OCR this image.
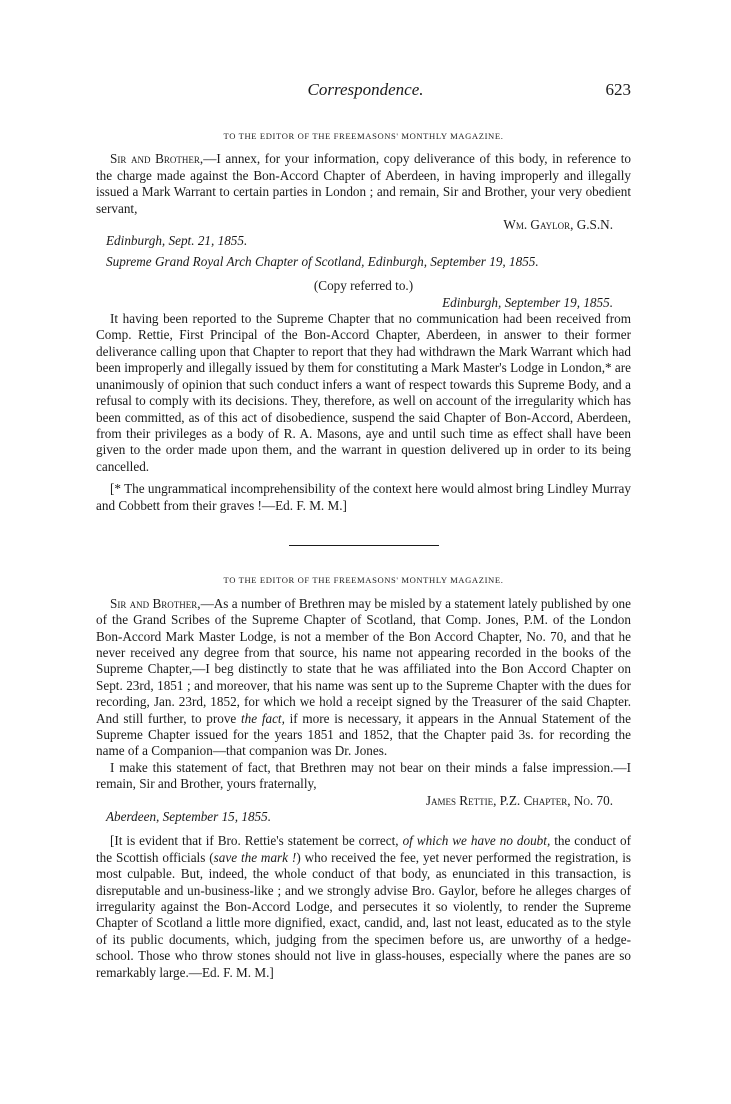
Correspondence.	623
TO THE EDITOR OF THE FREEMASONS' MONTHLY MAGAZINE.

Sir and Brother,—I annex, for your information, copy deliverance of this body, in reference to the charge made against the Bon-Accord Chapter of Aberdeen, in having improperly and illegally issued a Mark Warrant to certain parties in London ; and remain, Sir and Brother, your very obedient servant,

Wm. Gaylor, G.S.N.

Edinburgh, Sept. 21, 1855.

Supreme Grand Royal Arch Chapter of Scotland, Edinburgh, September 19, 1855.

(Copy referred to.)

Edinburgh, September 19, 1855.

It having been reported to the Supreme Chapter that no communication had been received from Comp. Rettie, First Principal of the Bon-Accord Chapter, Aberdeen, in answer to their former deliverance calling upon that Chapter to report that they had withdrawn the Mark Warrant which had been improperly and illegally issued by them for constituting a Mark Master's Lodge in London,* are unanimously of opinion that such conduct infers a want of respect towards this Supreme Body, and a refusal to comply with its decisions. They, therefore, as well on account of the irregularity which has been committed, as of this act of disobedience, suspend the said Chapter of Bon-Accord, Aberdeen, from their privileges as a body of R. A. Masons, aye and until such time as effect shall have been given to the order made upon them, and the warrant in question delivered up in order to its being cancelled.

[* The ungrammatical incomprehensibility of the context here would almost bring Lindley Murray and Cobbett from their graves !—Ed. F. M. M.]

TO THE EDITOR OF THE FREEMASONS' MONTHLY MAGAZINE.

Sir and Brother,—As a number of Brethren may be misled by a statement lately published by one of the Grand Scribes of the Supreme Chapter of Scotland, that Comp. Jones, P.M. of the London Bon-Accord Mark Master Lodge, is not a member of the Bon Accord Chapter, No. 70, and that he never received any degree from that source, his name not appearing recorded in the books of the Supreme Chapter,—I beg distinctly to state that he was affiliated into the Bon Accord Chapter on Sept. 23rd, 1851 ; and moreover, that his name was sent up to the Supreme Chapter with the dues for recording, Jan. 23rd, 1852, for which we hold a receipt signed by the Treasurer of the said Chapter. And still further, to prove the fact, if more is necessary, it appears in the Annual Statement of the Supreme Chapter issued for the years 1851 and 1852, that the Chapter paid 3s. for recording the name of a Companion—that companion was Dr. Jones.

I make this statement of fact, that Brethren may not bear on their minds a false impression.—I remain, Sir and Brother, yours fraternally,

James Rettie, P.Z. Chapter, No. 70.

Aberdeen, September 15, 1855.

[It is evident that if Bro. Rettie's statement be correct, of which we have no doubt, the conduct of the Scottish officials (save the mark !) who received the fee, yet never performed the registration, is most culpable. But, indeed, the whole conduct of that body, as enunciated in this transaction, is disreputable and un-business-like ; and we strongly advise Bro. Gaylor, before he alleges charges of irregularity against the Bon-Accord Lodge, and persecutes it so violently, to render the Supreme Chapter of Scotland a little more dignified, exact, candid, and, last not least, educated as to the style of its public documents, which, judging from the specimen before us, are unworthy of a hedge-school. Those who throw stones should not live in glass-houses, especially where the panes are so remarkably large.—Ed. F. M. M.]
